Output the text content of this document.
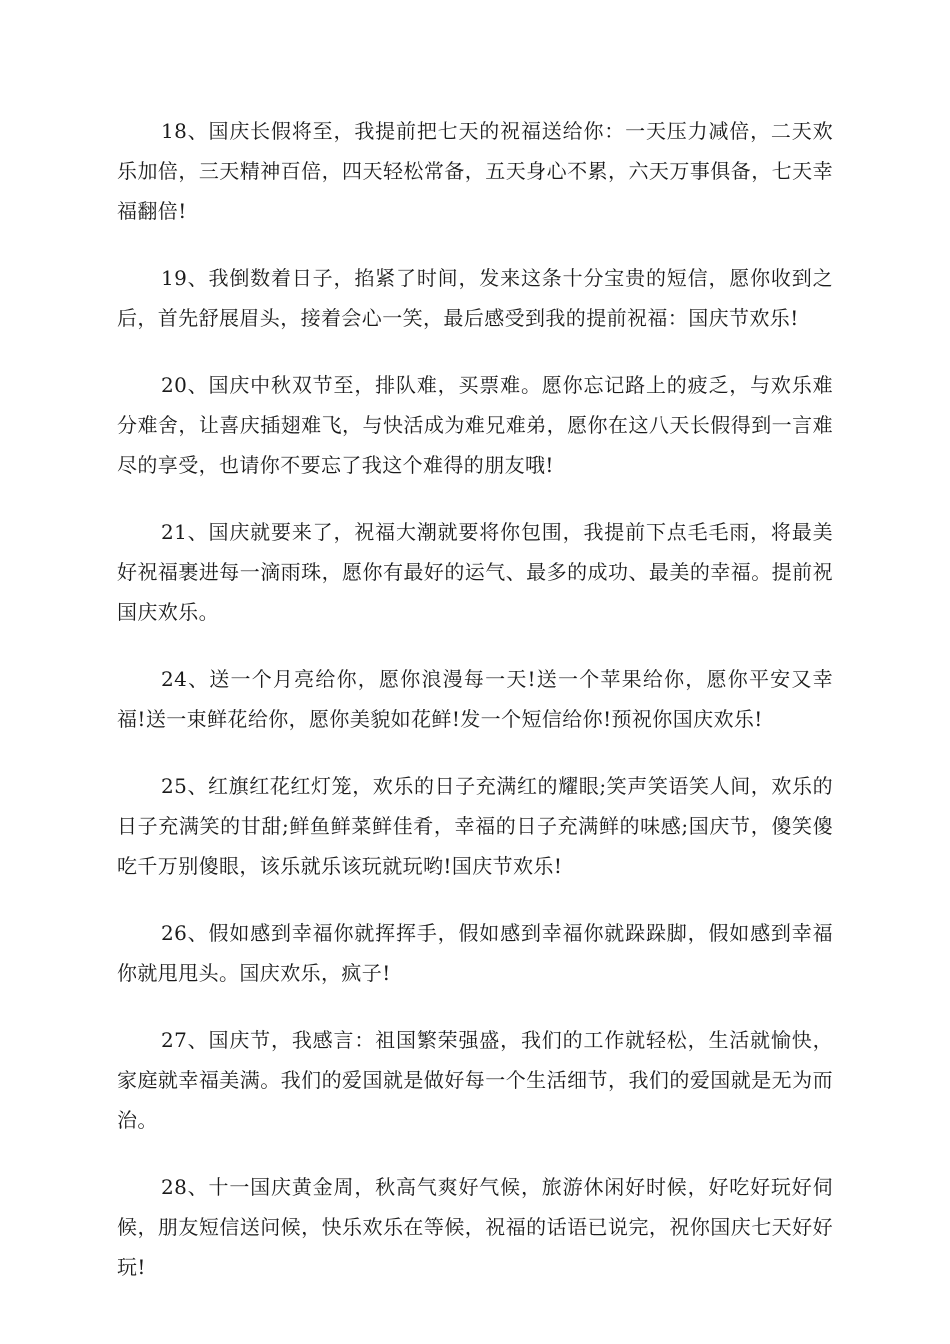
18、国庆长假将至，我提前把七天的祝福送给你：一天压力减倍，二天欢乐加倍，三天精神百倍，四天轻松常备，五天身心不累，六天万事俱备，七天幸福翻倍!

19、我倒数着日子，掐紧了时间，发来这条十分宝贵的短信，愿你收到之后，首先舒展眉头，接着会心一笑，最后感受到我的提前祝福：国庆节欢乐!

20、国庆中秋双节至，排队难，买票难。愿你忘记路上的疲乏，与欢乐难分难舍，让喜庆插翅难飞，与快活成为难兄难弟，愿你在这八天长假得到一言难尽的享受，也请你不要忘了我这个难得的朋友哦!

21、国庆就要来了，祝福大潮就要将你包围，我提前下点毛毛雨，将最美好祝福裹进每一滴雨珠，愿你有最好的运气、最多的成功、最美的幸福。提前祝国庆欢乐。

24、送一个月亮给你，愿你浪漫每一天!送一个苹果给你，愿你平安又幸福!送一束鲜花给你，愿你美貌如花鲜!发一个短信给你!预祝你国庆欢乐!

25、红旗红花红灯笼，欢乐的日子充满红的耀眼;笑声笑语笑人间，欢乐的日子充满笑的甘甜;鲜鱼鲜菜鲜佳肴，幸福的日子充满鲜的味感;国庆节，傻笑傻吃千万别傻眼，该乐就乐该玩就玩哟!国庆节欢乐!

26、假如感到幸福你就挥挥手，假如感到幸福你就跺跺脚，假如感到幸福你就甩甩头。国庆欢乐，疯子!

27、国庆节，我感言：祖国繁荣强盛，我们的工作就轻松，生活就愉快，家庭就幸福美满。我们的爱国就是做好每一个生活细节，我们的爱国就是无为而治。

28、十一国庆黄金周，秋高气爽好气候，旅游休闲好时候，好吃好玩好伺候，朋友短信送问候，快乐欢乐在等候，祝福的话语已说完，祝你国庆七天好好玩!
